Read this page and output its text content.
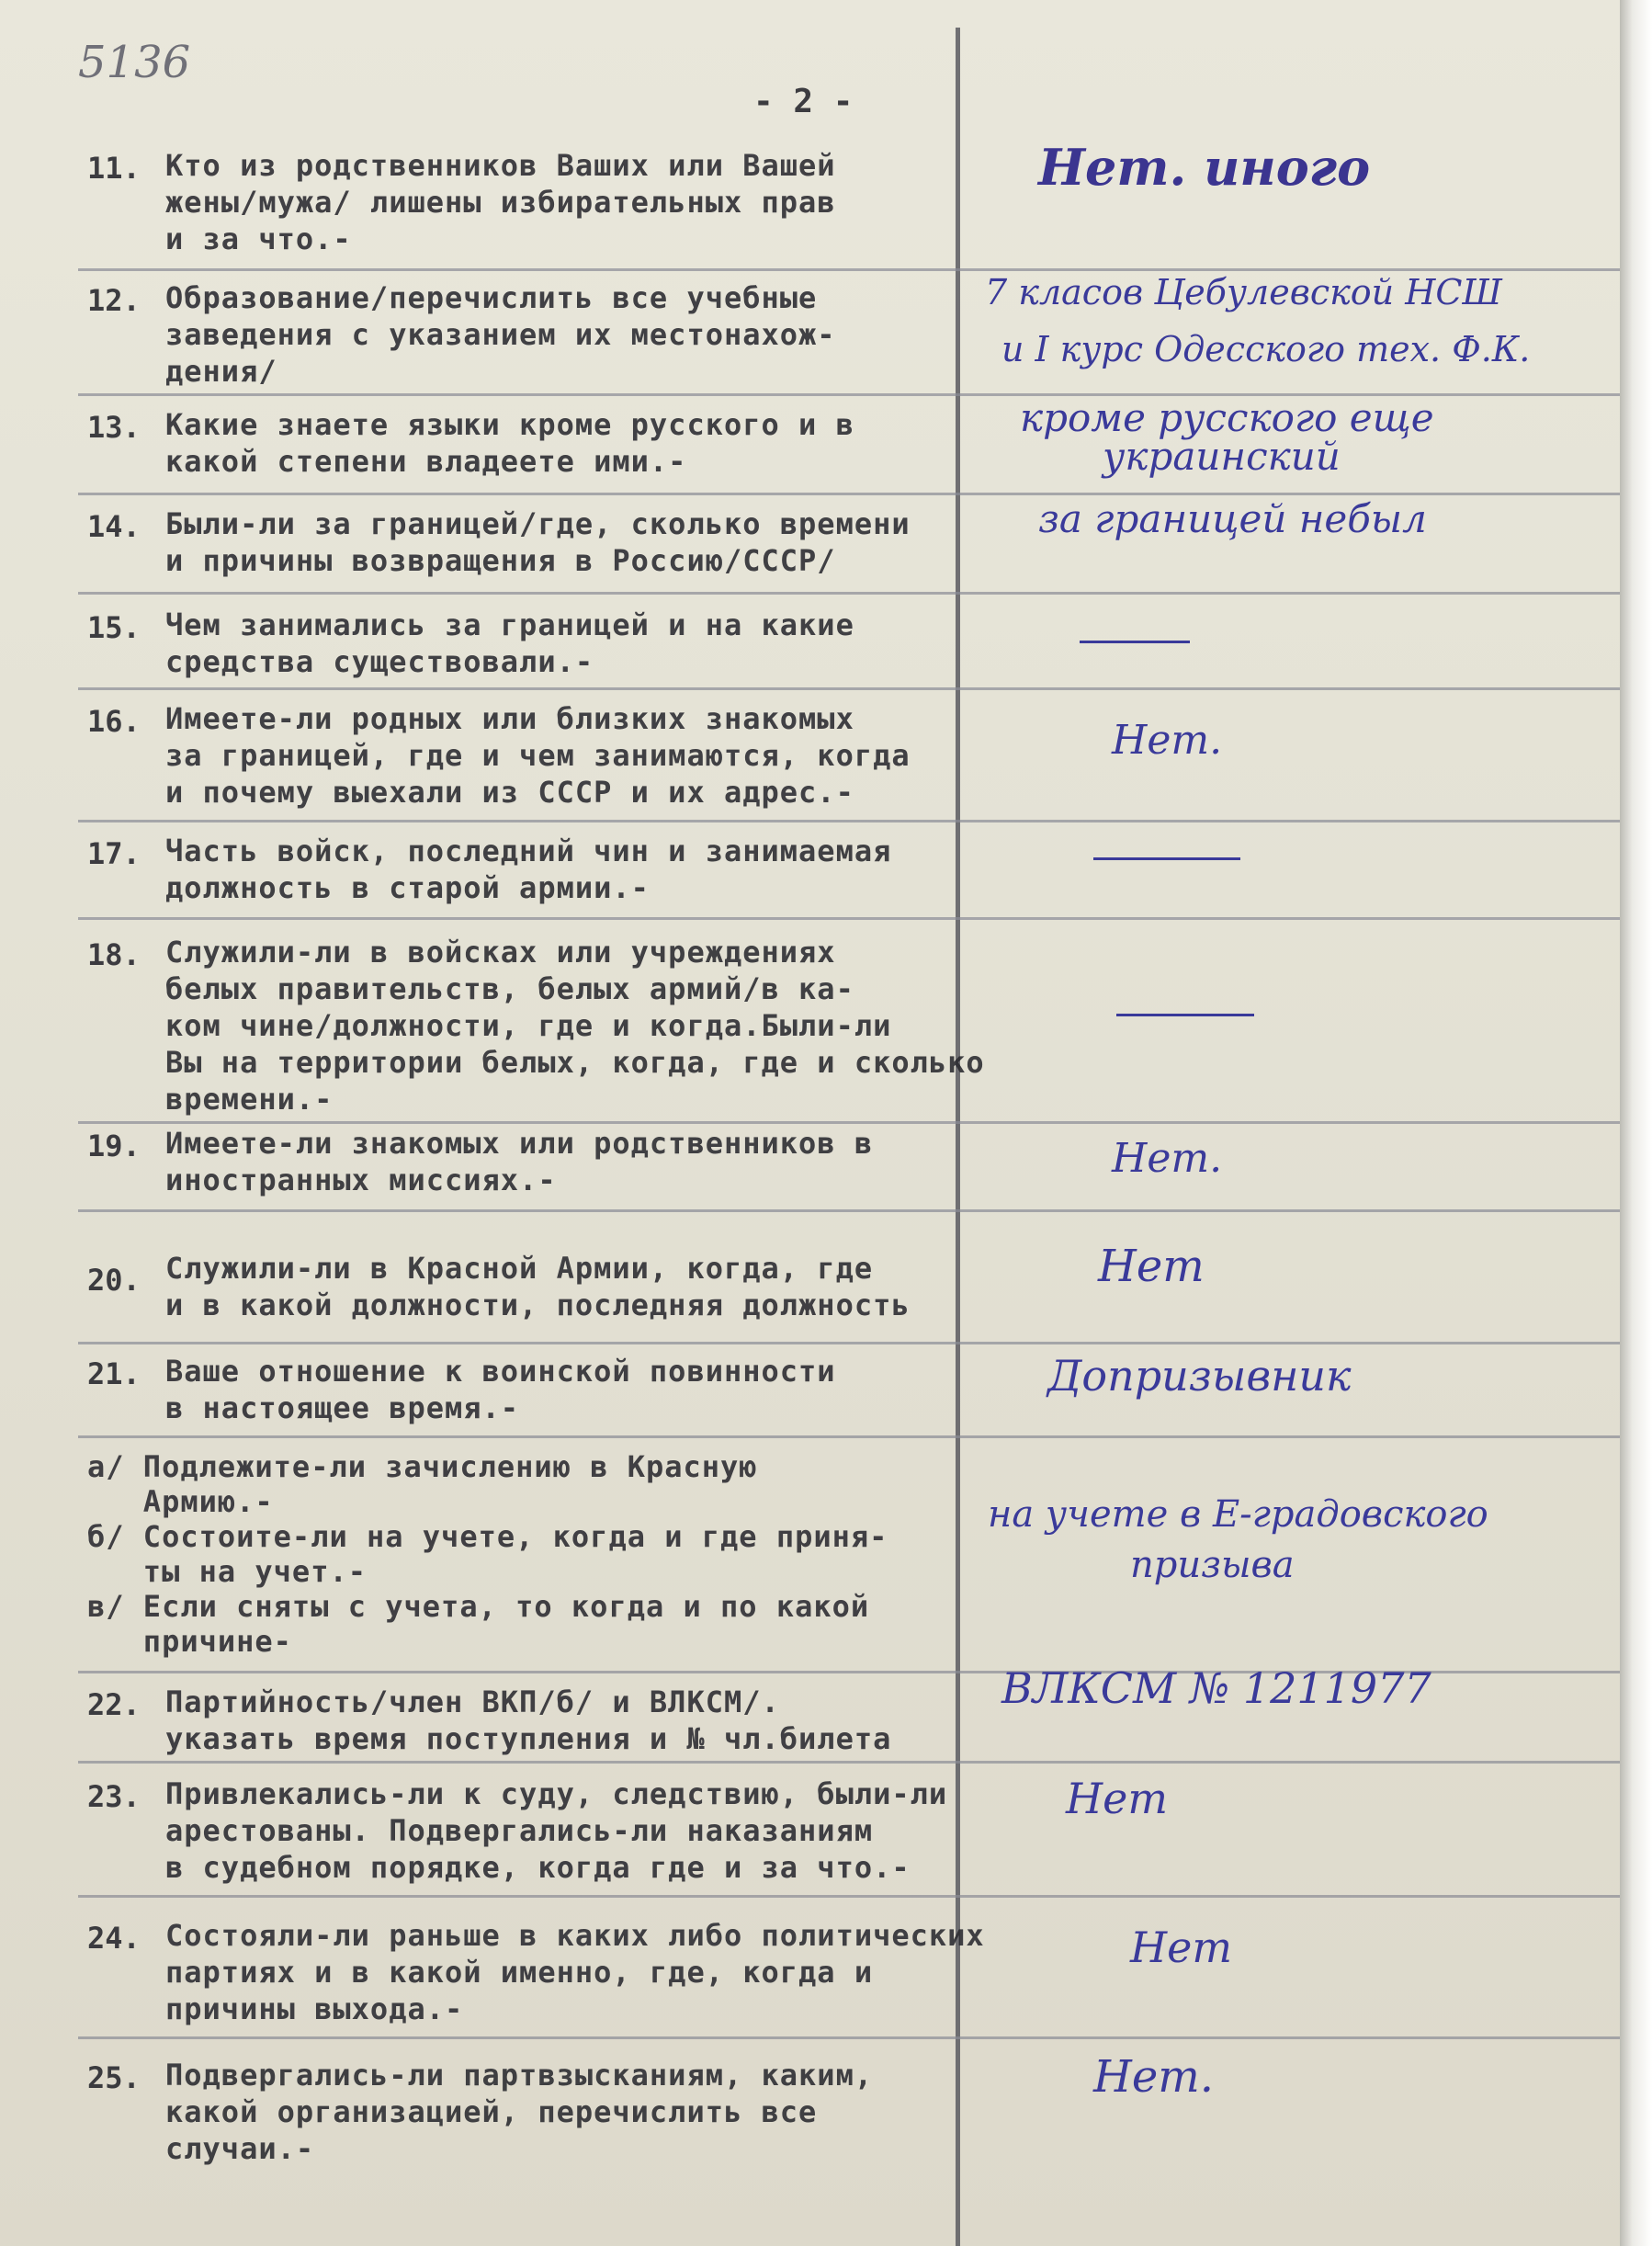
5136
- 2 -
11. Кто из родственников Ваших или Вашей
жены/мужа/ лишены избирательных прав
и за что.-
Нет. иного
12. Образование/перечислить все учебные
заведения с указанием их местонахож-
дения/
7 класов Цебулевской НСШ
и I курс Одесского тех. Ф.К.
13. Какие знаете языки кроме русского и в
какой степени владеете ими.-
кроме русского еще
украинский
14. Были-ли за границей/где, сколько времени
и причины возвращения в Россию/СССР/
за границей небыл
15. Чем занимались за границей и на какие
средства существовали.-
16. Имеете-ли родных или близких знакомых
за границей, где и чем занимаются, когда
и почему выехали из СССР и их адрес.-
Нет.
17. Часть войск, последний чин и занимаемая
должность в старой армии.-
18. Служили-ли в войсках или учреждениях
белых правительств, белых армий/в ка-
ком чине/должности, где и когда.Были-ли
Вы на территории белых, когда, где и сколько
времени.-
19. Имеете-ли знакомых или родственников в
иностранных миссиях.-	Нет.
20. Служили-ли в Красной Армии, когда, где
и в какой должности, последняя должность
Нет
21. Ваше отношение к воинской повинности
в настоящее время.-
Допризывник
а/ Подлежите-ли зачислению в Красную
Армию.-
б/ Состоите-ли на учете, когда и где приня-
ты на учет.-
в/ Если сняты с учета, то когда и по какой
причине-
на учете в Е-градовского
призыва
22. Партийность/член ВКП/б/ и ВЛКСМ/.
указать время поступления и № чл.билета
ВЛКСМ № 1211977
23. Привлекались-ли к суду, следствию, были-ли
арестованы. Подвергались-ли наказаниям
в судебном порядке, когда где и за что.-
Нет
24. Состояли-ли раньше в каких либо политических
партиях и в какой именно, где, когда и
причины выхода.-
Нет
25. Подвергались-ли партвзысканиям, каким,
какой организацией, перечислить все
случаи.-
Нет.
